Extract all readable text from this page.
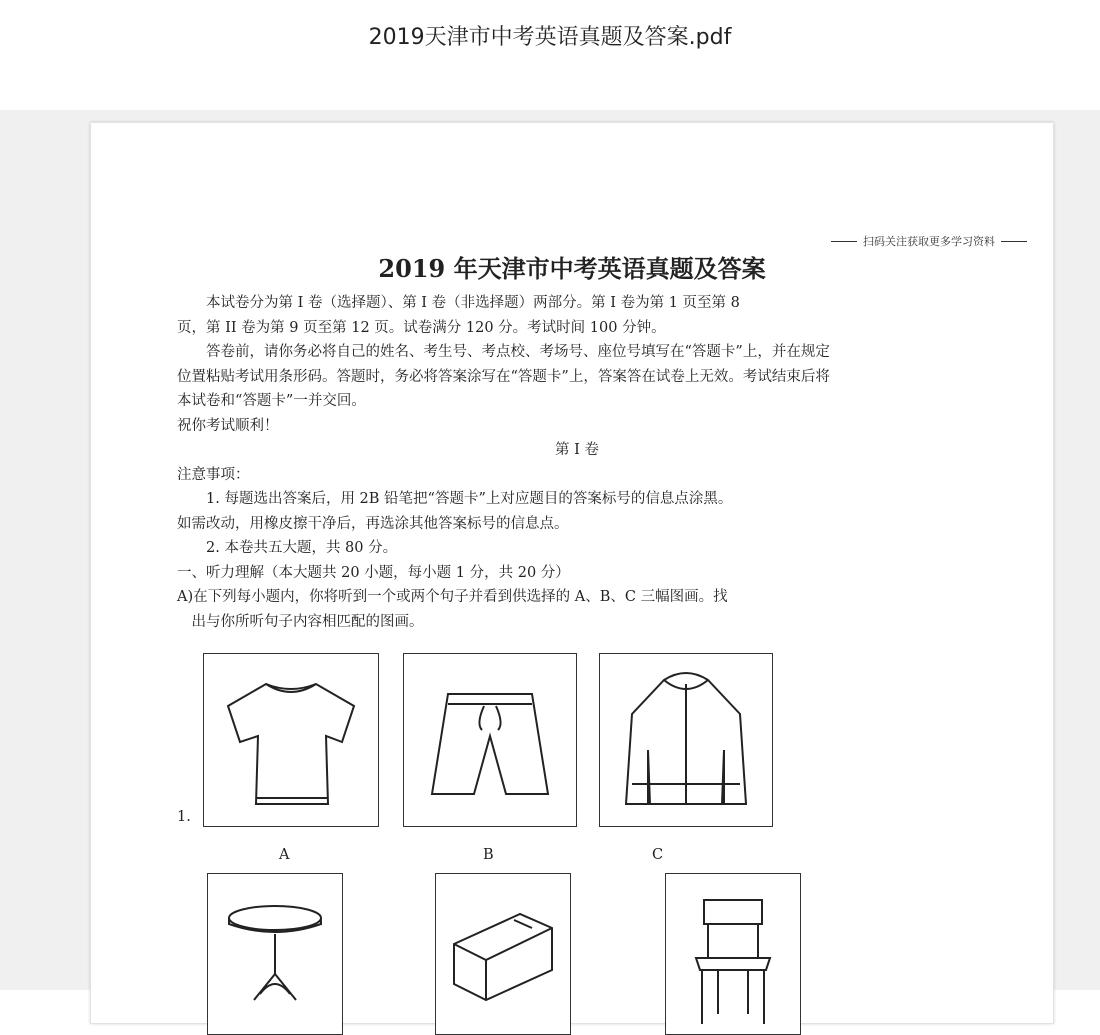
2019天津市中考英语真题及答案.pdf
扫码关注获取更多学习资料
2019 年天津市中考英语真题及答案

本试卷分为第 I 卷（选择题）、第 I 卷（非选择题）两部分。第 I 卷为第 1 页至第 8

页，第 II 卷为第 9 页至第 12 页。试卷满分 120 分。考试时间 100 分钟。

答卷前，请你务必将自己的姓名、考生号、考点校、考场号、座位号填写在“答题卡”上，并在规定

位置粘贴考试用条形码。答题时，务必将答案涂写在“答题卡”上，答案答在试卷上无效。考试结束后将

本试卷和“答题卡”一并交回。

祝你考试顺利！

第 I 卷

注意事项：

1. 每题选出答案后，用 2B 铅笔把“答题卡”上对应题目的答案标号的信息点涂黑。

如需改动，用橡皮擦干净后，再选涂其他答案标号的信息点。

2. 本卷共五大题，共 80 分。

一、听力理解（本大题共 20 小题，每小题 1 分，共 20 分）

A)在下列每小题内，你将听到一个或两个句子并看到供选择的 A、B、C 三幅图画。找

出与你所听句子内容相匹配的图画。

1.
A	B	C
